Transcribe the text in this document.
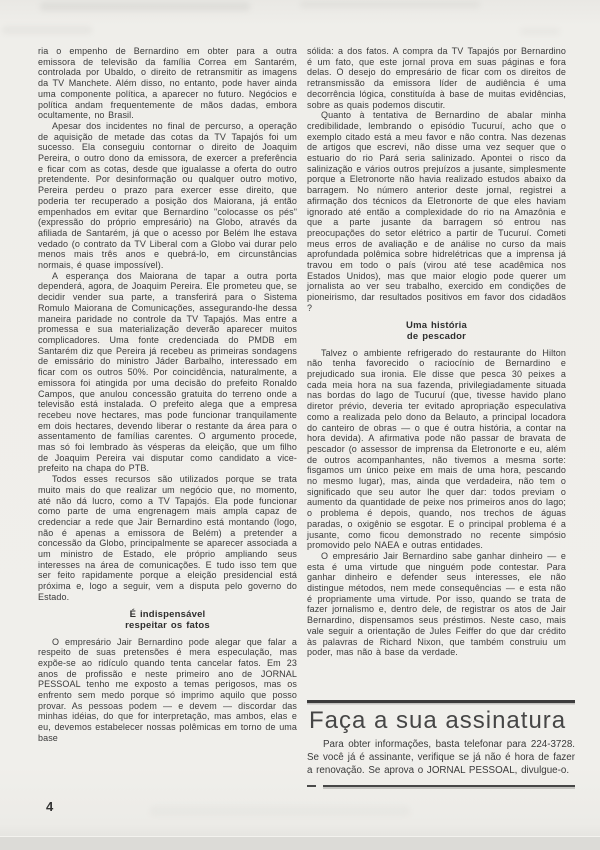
ria o empenho de Bernardino em obter para a outra emissora de televisão da família Correa em Santarém, controlada por Ubaldo, o direito de retransmitir as imagens da TV Manchete. Além disso, no entanto, pode haver ainda uma componente política, a aparecer no futuro. Negócios e política andam frequentemente de mãos dadas, embora ocultamente, no Brasil.

Apesar dos incidentes no final de percurso, a operação de aquisição de metade das cotas da TV Tapajós foi um sucesso. Ela conseguiu contornar o direito de Joaquim Pereira, o outro dono da emissora, de exercer a preferência e ficar com as cotas, desde que igualasse a oferta do outro pretendente. Por desinformação ou qualquer outro motivo, Pereira perdeu o prazo para exercer esse direito, que poderia ter recuperado a posição dos Maiorana, já então empenhados em evitar que Bernardino "colocasse os pés" (expressão do próprio empresário) na Globo, através da afiliada de Santarém, já que o acesso por Belém lhe estava vedado (o contrato da TV Liberal com a Globo vai durar pelo menos mais três anos e quebrá-lo, em circunstâncias normais, é quase impossível).

A esperança dos Maiorana de tapar a outra porta dependerá, agora, de Joaquim Pereira. Ele prometeu que, se decidir vender sua parte, a transferirá para o Sistema Romulo Maiorana de Comunicações, assegurando-lhe dessa maneira paridade no controle da TV Tapajós. Mas entre a promessa e sua materialização deverão aparecer muitos complicadores. Uma fonte credenciada do PMDB em Santarém diz que Pereira já recebeu as primeiras sondagens de emissário do ministro Jáder Barbalho, interessado em ficar com os outros 50%. Por coincidência, naturalmente, a emissora foi atingida por uma decisão do prefeito Ronaldo Campos, que anulou concessão gratuita do terreno onde a televisão está instalada. O prefeito alega que a empresa recebeu nove hectares, mas pode funcionar tranquilamente em dois hectares, devendo liberar o restante da área para o assentamento de famílias carentes. O argumento procede, mas só foi lembrado às vésperas da eleição, que um filho de Joaquim Pereira vai disputar como candidato a vice-prefeito na chapa do PTB.

Todos esses recursos são utilizados porque se trata muito mais do que realizar um negócio que, no momento, até não dá lucro, como a TV Tapajós. Ela pode funcionar como parte de uma engrenagem mais ampla capaz de credenciar a rede que Jair Bernardino está montando (logo, não é apenas a emissora de Belém) a pretender a concessão da Globo, principalmente se aparecer associada a um ministro de Estado, ele próprio ampliando seus interesses na área de comunicações. E tudo isso tem que ser feito rapidamente porque a eleição presidencial está próxima e, logo a seguir, vem a disputa pelo governo do Estado.

É indispensável
respeitar os fatos

O empresário Jair Bernardino pode alegar que falar a respeito de suas pretensões é mera especulação, mas expõe-se ao ridículo quando tenta cancelar fatos. Em 23 anos de profissão e neste primeiro ano de JORNAL PESSOAL tenho me exposto a temas perigosos, mas os enfrento sem medo porque só imprimo aquilo que posso provar. As pessoas podem — e devem — discordar das minhas idéias, do que for interpretação, mas ambos, elas e eu, devemos estabelecer nossas polêmicas em torno de uma base

sólida: a dos fatos. A compra da TV Tapajós por Bernardino é um fato, que este jornal prova em suas páginas e fora delas. O desejo do empresário de ficar com os direitos de retransmissão da emissora líder de audiência é uma decorrência lógica, constituída à base de muitas evidências, sobre as quais podemos discutir.

Quanto à tentativa de Bernardino de abalar minha credibilidade, lembrando o episódio Tucuruí, acho que o exemplo citado está a meu favor e não contra. Nas dezenas de artigos que escrevi, não disse uma vez sequer que o estuario do rio Pará seria salinizado. Apontei o risco da salinização e vários outros prejuízos a jusante, simplesmente porque a Eletronorte não havia realizado estudos abaixo da barragem. No número anterior deste jornal, registrei a afirmação dos técnicos da Eletronorte de que eles haviam ignorado até então a complexidade do rio na Amazônia e que a parte jusante da barragem só entrou nas preocupações do setor elétrico a partir de Tucuruí. Cometi meus erros de avaliação e de análise no curso da mais aprofundada polêmica sobre hidrelétricas que a imprensa já travou em todo o país (virou até tese acadêmica nos Estados Unidos), mas que maior elogio pode querer um jornalista ao ver seu trabalho, exercido em condições de pioneirismo, dar resultados positivos em favor dos cidadãos ?

Uma história
de pescador

Talvez o ambiente refrigerado do restaurante do Hilton não tenha favorecido o raciocínio de Bernardino e prejudicado sua ironia. Ele disse que pesca 30 peixes a cada meia hora na sua fazenda, privilegiadamente situada nas bordas do lago de Tucuruí (que, tivesse havido plano diretor prévio, deveria ter evitado apropriação especulativa como a realizada pelo dono da Belauto, a principal locadora do canteiro de obras — o que é outra história, a contar na hora devida). A afirmativa pode não passar de bravata de pescador (o assessor de imprensa da Eletronorte e eu, além de outros acompanhantes, não tivemos a mesma sorte: fisgamos um único peixe em mais de uma hora, pescando no mesmo lugar), mas, ainda que verdadeira, não tem o significado que seu autor lhe quer dar: todos previam o aumento da quantidade de peixe nos primeiros anos do lago; o problema é depois, quando, nos trechos de águas paradas, o oxigênio se esgotar. E o principal problema é a jusante, como ficou demonstrado no recente simpósio promovido pelo NAEA e outras entidades.

O empresário Jair Bernardino sabe ganhar dinheiro — e esta é uma virtude que ninguém pode contestar. Para ganhar dinheiro e defender seus interesses, ele não distingue métodos, nem mede consequências — e esta não é propriamente uma virtude. Por isso, quando se trata de fazer jornalismo e, dentro dele, de registrar os atos de Jair Bernardino, dispensamos seus préstimos. Neste caso, mais vale seguir a orientação de Jules Feiffer do que dar crédito às palavras de Richard Nixon, que também construiu um poder, mas não à base da verdade.

Faça a sua assinatura

Para obter informações, basta telefonar para 224-3728. Se você já é assinante, verifique se já não é hora de fazer a renovação. Se aprova o JORNAL PESSOAL, divulgue-o.

4
